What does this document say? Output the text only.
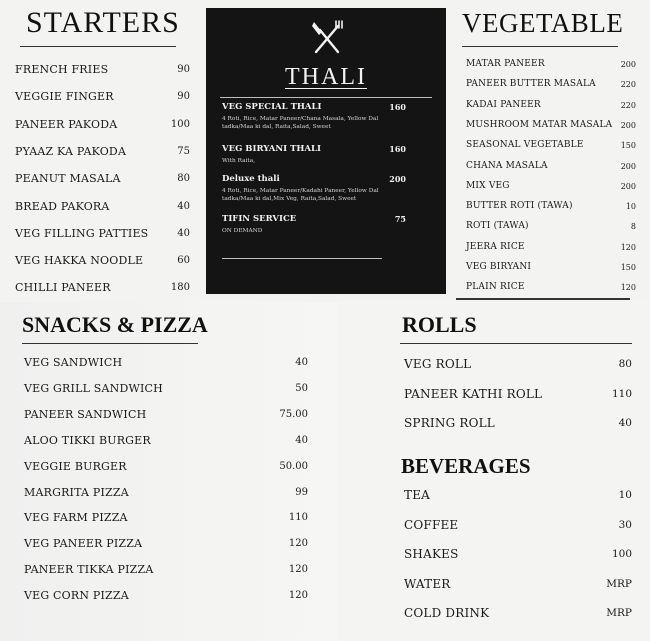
STARTERS
FRENCH FRIES	90
VEGGIE FINGER	90
PANEER PAKODA	100
PYAAZ KA PAKODA	75
PEANUT MASALA	80
BREAD PAKORA	40
VEG FILLING PATTIES	40
VEG HAKKA NOODLE	60
CHILLI PANEER	180
THALI
VEG SPECIAL THALI	160
4 Roti, Rice, Matar Paneer/Chana Masala, Yellow Dal tadka/Maa ki dal, Raita,Salad, Sweet
VEG BIRYANI THALI	160
With Raita,
Deluxe thali	200
4 Roti, Rice, Matar Paneer/Kadahi Paneer, Yellow Dal tadka/Maa ki dal,Mix Veg, Raita,Salad, Sweet
TIFIN SERVICE	75
ON DEMAND
VEGETABLE
MATAR PANEER	200
PANEER BUTTER MASALA	220
KADAI PANEER	220
MUSHROOM MATAR MASALA	200
SEASONAL VEGETABLE	150
CHANA MASALA	200
MIX VEG	200
BUTTER ROTI (TAWA)	10
ROTI (TAWA)	8
JEERA RICE	120
VEG BIRYANI	150
PLAIN RICE	120
SNACKS & PIZZA
VEG SANDWICH	40
VEG GRILL SANDWICH	50
PANEER SANDWICH	75.00
ALOO TIKKI BURGER	40
VEGGIE BURGER	50.00
MARGRITA PIZZA	99
VEG FARM PIZZA	110
VEG PANEER PIZZA	120
PANEER TIKKA PIZZA	120
VEG CORN PIZZA	120
ROLLS
VEG ROLL	80
PANEER KATHI ROLL	110
SPRING ROLL	40
BEVERAGES
TEA	10
COFFEE	30
SHAKES	100
WATER	MRP
COLD DRINK	MRP
